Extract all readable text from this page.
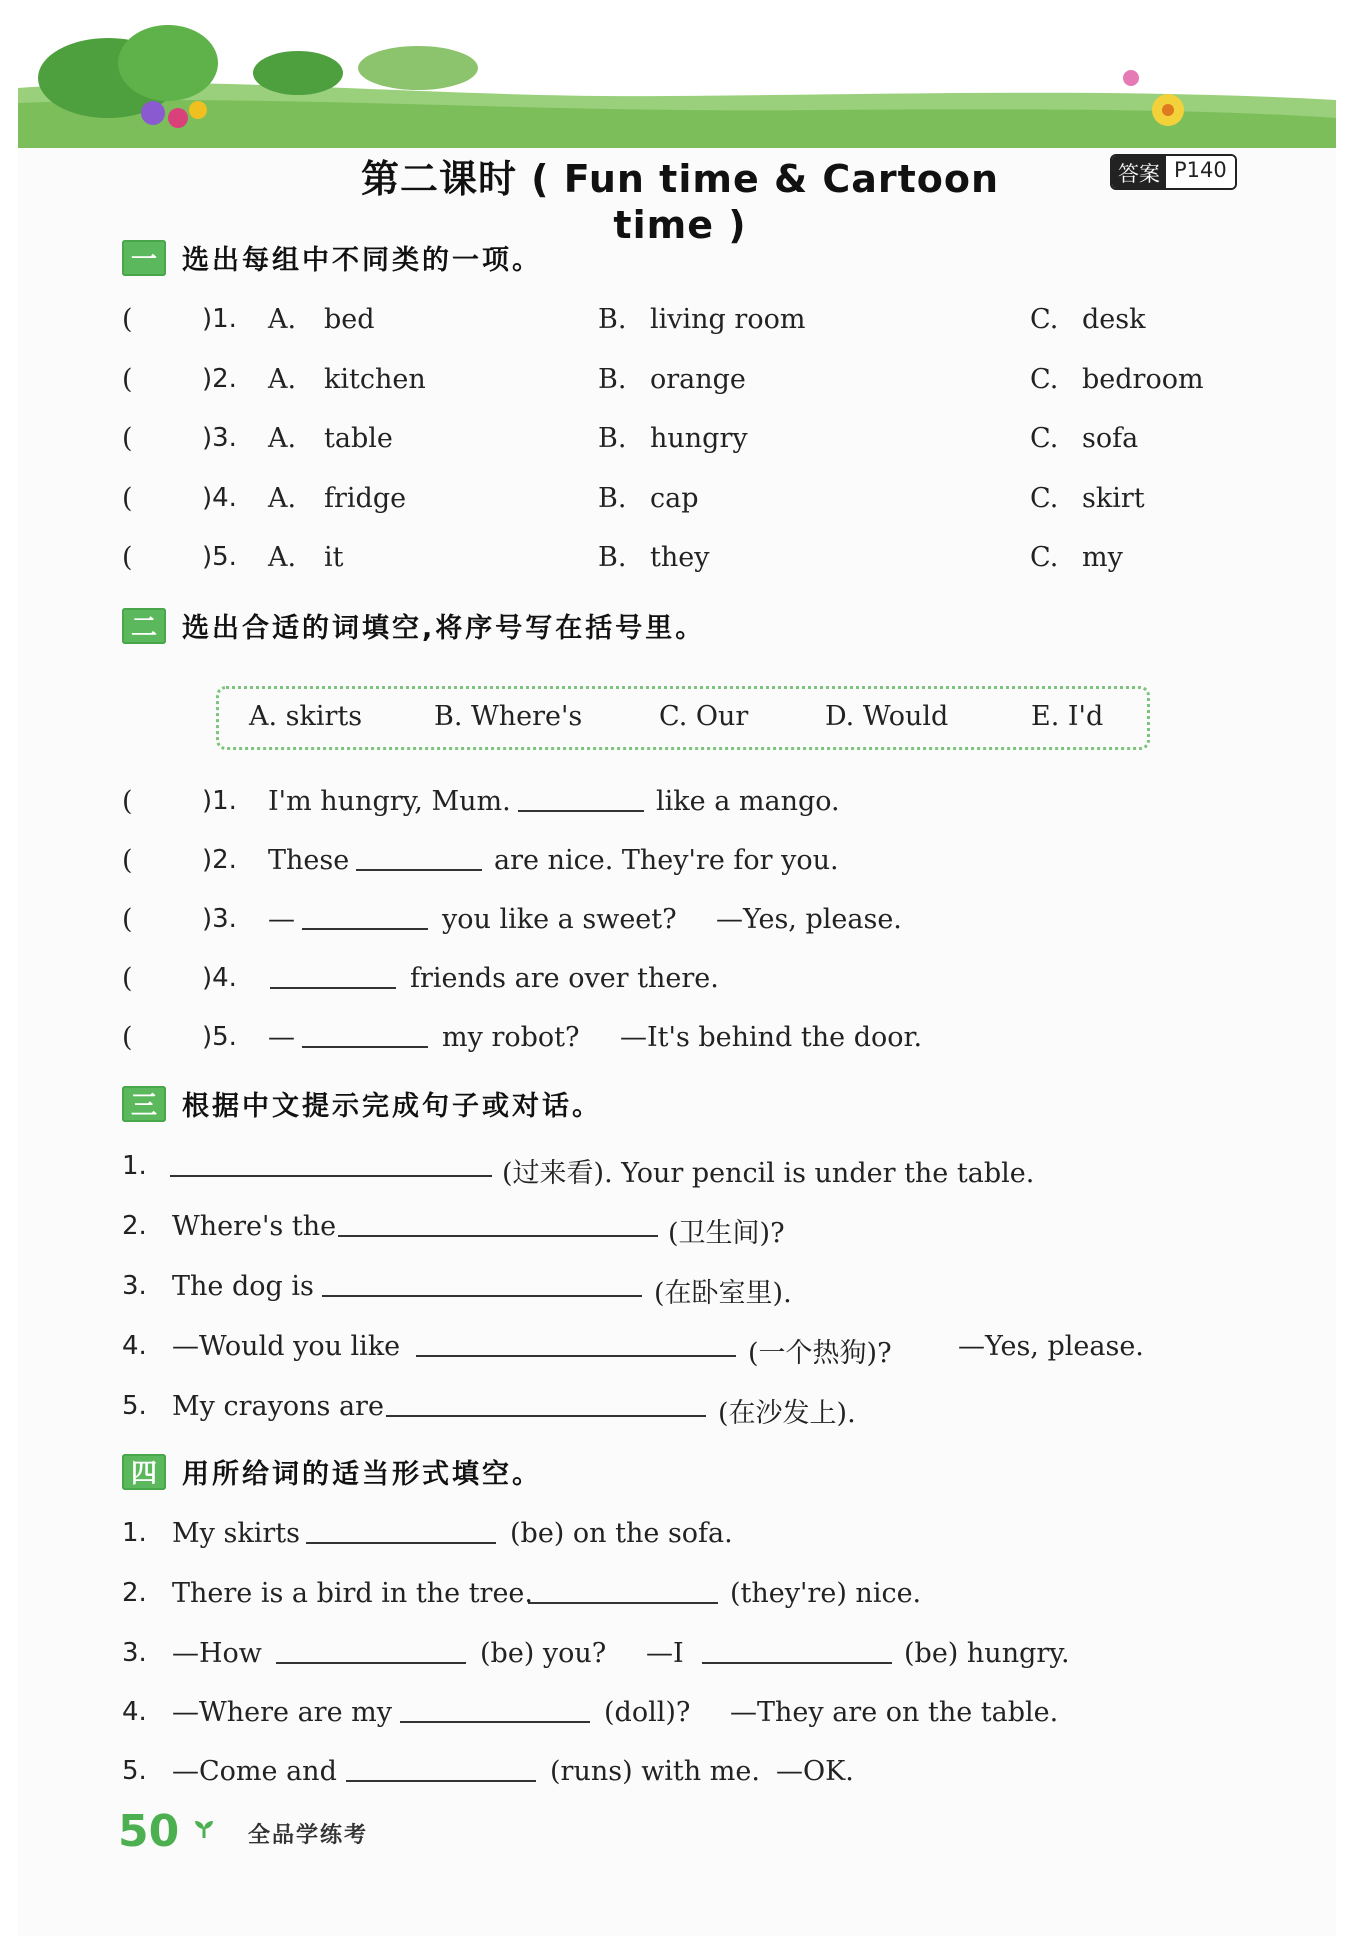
第二课时 ( Fun time & Cartoon time )
答案 P140
一 选出每组中不同类的一项。
(	)1. A. bed	B. living room	C. desk
(	)2. A. kitchen	B. orange	C. bedroom
(	)3. A. table	B. hungry	C. sofa
(	)4. A. fridge	B. cap	C. skirt
(	)5. A. it	B. they	C. my
二 选出合适的词填空,将序号写在括号里。
A. skirts	B. Where's	C. Our	D. Would	E. I'd
(	)1. I'm hungry, Mum.	like a mango.
(	)2. These	are nice. They're for you.
(	)3. —	you like a sweet? —Yes, please.
(	)4.	friends are over there.
(	)5. —	my robot? —It's behind the door.
三 根据中文提示完成句子或对话。
1.	(过来看). Your pencil is under the table.
2. Where's the	(卫生间)?
3. The dog is	(在卧室里).
4. —Would you like	(一个热狗)? —Yes, please.
5. My crayons are	(在沙发上).
四 用所给词的适当形式填空。
1. My skirts	(be) on the sofa.
2. There is a bird in the tree.	(they're) nice.
3. —How	(be) you? —I	(be) hungry.
4. —Where are my	(doll)? —They are on the table.
5. —Come and	(runs) with me. —OK.
50	全品学练考
